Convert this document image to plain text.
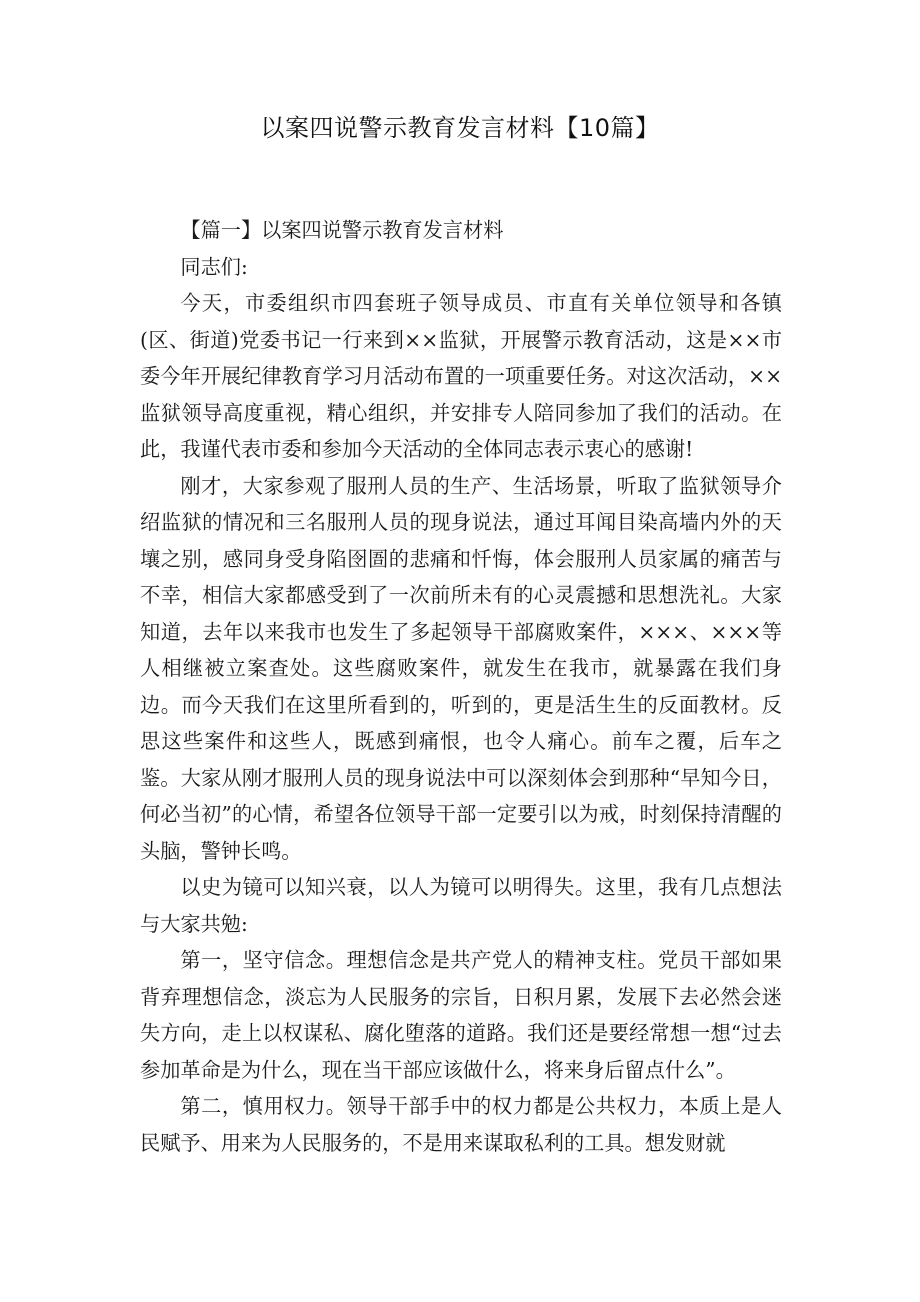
以案四说警示教育发言材料【10篇】

【篇一】以案四说警示教育发言材料

同志们:

今天，市委组织市四套班子领导成员、市直有关单位领导和各镇(区、街道)党委书记一行来到××监狱，开展警示教育活动，这是××市委今年开展纪律教育学习月活动布置的一项重要任务。对这次活动，××监狱领导高度重视，精心组织，并安排专人陪同参加了我们的活动。在此，我谨代表市委和参加今天活动的全体同志表示衷心的感谢!

刚才，大家参观了服刑人员的生产、生活场景，听取了监狱领导介绍监狱的情况和三名服刑人员的现身说法，通过耳闻目染高墙内外的天壤之别，感同身受身陷囹圄的悲痛和忏悔，体会服刑人员家属的痛苦与不幸，相信大家都感受到了一次前所未有的心灵震撼和思想洗礼。大家知道，去年以来我市也发生了多起领导干部腐败案件，×××、×××等人相继被立案查处。这些腐败案件，就发生在我市，就暴露在我们身边。而今天我们在这里所看到的，听到的，更是活生生的反面教材。反思这些案件和这些人，既感到痛恨，也令人痛心。前车之覆，后车之鉴。大家从刚才服刑人员的现身说法中可以深刻体会到那种“早知今日，何必当初”的心情，希望各位领导干部一定要引以为戒，时刻保持清醒的头脑，警钟长鸣。

以史为镜可以知兴衰，以人为镜可以明得失。这里，我有几点想法与大家共勉:

第一，坚守信念。理想信念是共产党人的精神支柱。党员干部如果背弃理想信念，淡忘为人民服务的宗旨，日积月累，发展下去必然会迷失方向，走上以权谋私、腐化堕落的道路。我们还是要经常想一想“过去参加革命是为什么，现在当干部应该做什么，将来身后留点什么”。

第二，慎用权力。领导干部手中的权力都是公共权力，本质上是人民赋予、用来为人民服务的，不是用来谋取私利的工具。想发财就
